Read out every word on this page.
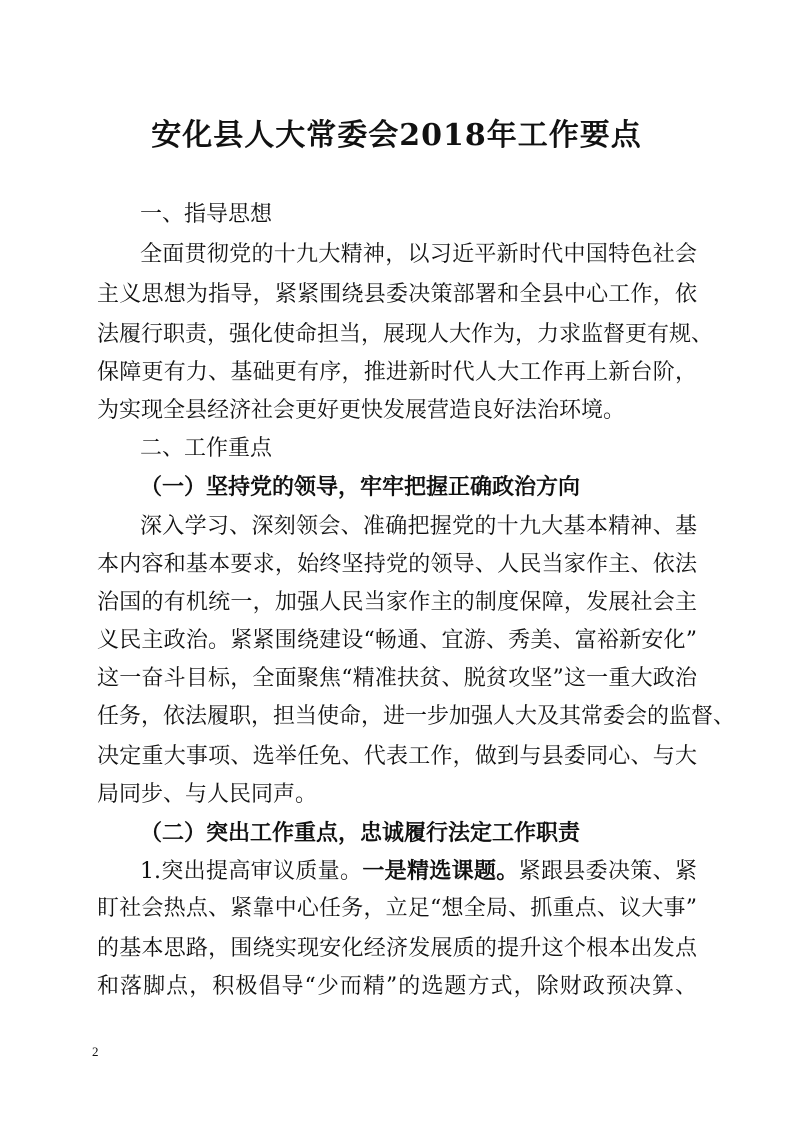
安化县人大常委会2018年工作要点
一、指导思想
全面贯彻党的十九大精神，以习近平新时代中国特色社会
主义思想为指导，紧紧围绕县委决策部署和全县中心工作，依
法履行职责，强化使命担当，展现人大作为，力求监督更有规、
保障更有力、基础更有序，推进新时代人大工作再上新台阶，
为实现全县经济社会更好更快发展营造良好法治环境。
二、工作重点
（一）坚持党的领导，牢牢把握正确政治方向
深入学习、深刻领会、准确把握党的十九大基本精神、基
本内容和基本要求，始终坚持党的领导、人民当家作主、依法
治国的有机统一，加强人民当家作主的制度保障，发展社会主
义民主政治。紧紧围绕建设“畅通、宜游、秀美、富裕新安化”
这一奋斗目标，全面聚焦“精准扶贫、脱贫攻坚”这一重大政治
任务，依法履职，担当使命，进一步加强人大及其常委会的监督、
决定重大事项、选举任免、代表工作，做到与县委同心、与大
局同步、与人民同声。
（二）突出工作重点，忠诚履行法定工作职责
1.突出提高审议质量。一是精选课题。紧跟县委决策、紧
盯社会热点、紧靠中心任务，立足“想全局、抓重点、议大事”
的基本思路，围绕实现安化经济发展质的提升这个根本出发点
和落脚点，积极倡导“少而精”的选题方式，除财政预决算、
2
